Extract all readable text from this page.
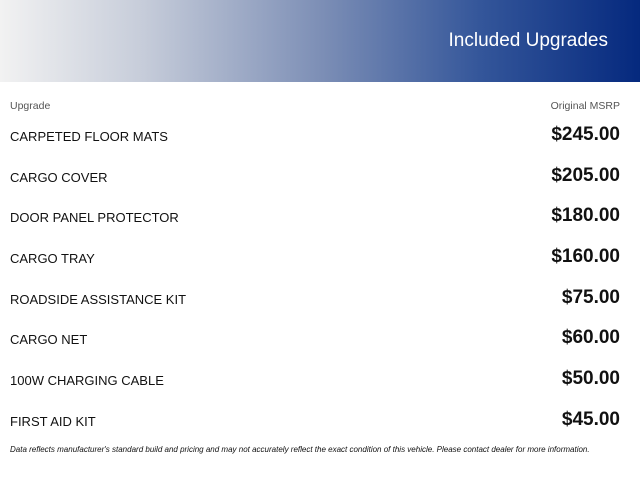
Included Upgrades
Upgrade	Original MSRP
CARPETED FLOOR MATS	$245.00
CARGO COVER	$205.00
DOOR PANEL PROTECTOR	$180.00
CARGO TRAY	$160.00
ROADSIDE ASSISTANCE KIT	$75.00
CARGO NET	$60.00
100W CHARGING CABLE	$50.00
FIRST AID KIT	$45.00
Data reflects manufacturer's standard build and pricing and may not accurately reflect the exact condition of this vehicle. Please contact dealer for more information.
